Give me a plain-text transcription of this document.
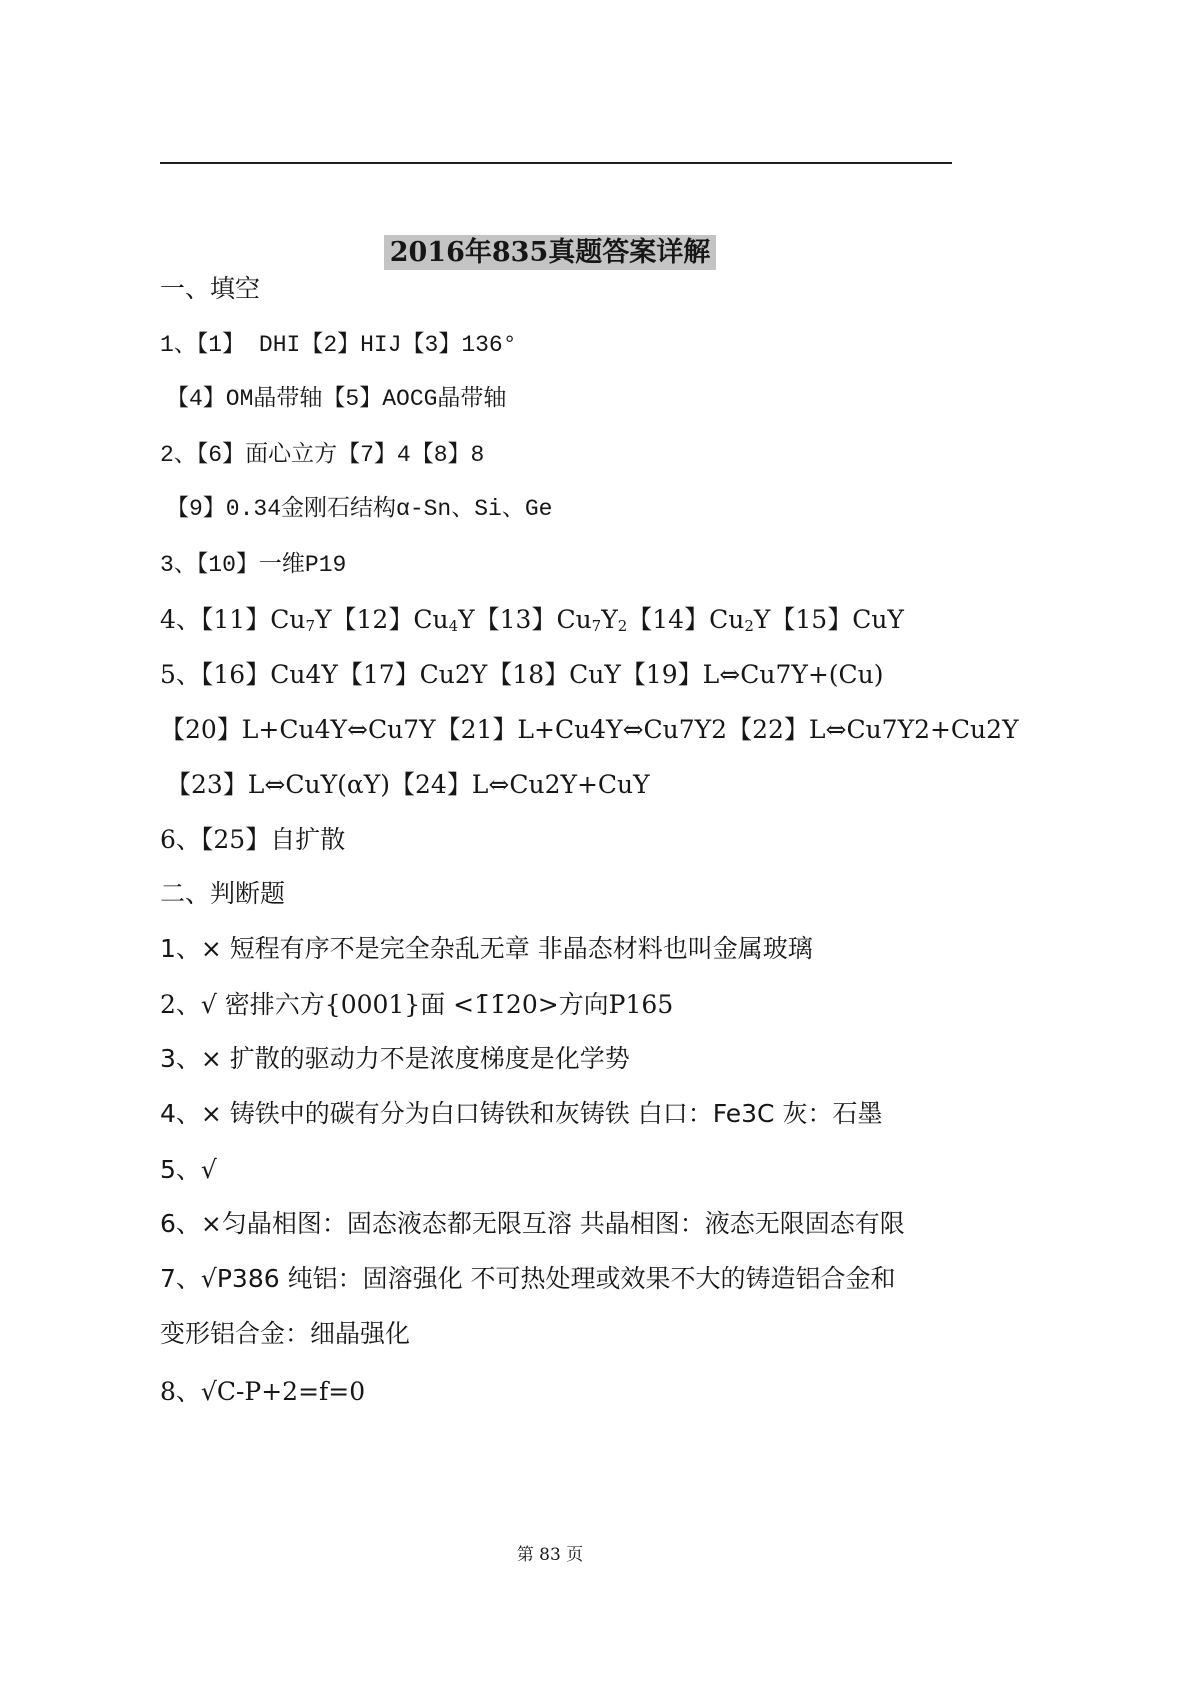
2016年835真题答案详解
一、填空
1、【1】 DHI【2】HIJ【3】136°
【4】OM晶带轴【5】AOCG晶带轴
2、【6】面心立方【7】4【8】8
【9】0.34金刚石结构α-Sn、Si、Ge
3、【10】一维P19
4、【11】$Cu_7Y$【12】$Cu_4Y$【13】$Cu_7Y_2$【14】$Cu_2Y$【15】CuY
5、【16】Cu4Y【17】Cu2Y【18】CuY【19】L⇔Cu7Y+(Cu)
【20】L+Cu4Y⇔Cu7Y【21】L+Cu4Y⇔Cu7Y2【22】L⇔Cu7Y2+Cu2Y
【23】L⇔CuY(αY)【24】L⇔Cu2Y+CuY
6、【25】自扩散
二、判断题
1、× 短程有序不是完全杂乱无章 非晶态材料也叫金属玻璃
2、√ 密排六方{0001}面 <1̄1̄20>方向P165
3、× 扩散的驱动力不是浓度梯度是化学势
4、× 铸铁中的碳有分为白口铸铁和灰铸铁 白口：Fe3C 灰：石墨
5、√
6、×匀晶相图：固态液态都无限互溶 共晶相图：液态无限固态有限
7、√P386 纯铝：固溶强化 不可热处理或效果不大的铸造铝合金和
变形铝合金：细晶强化
8、√C-P+2=f=0
第 83 页
